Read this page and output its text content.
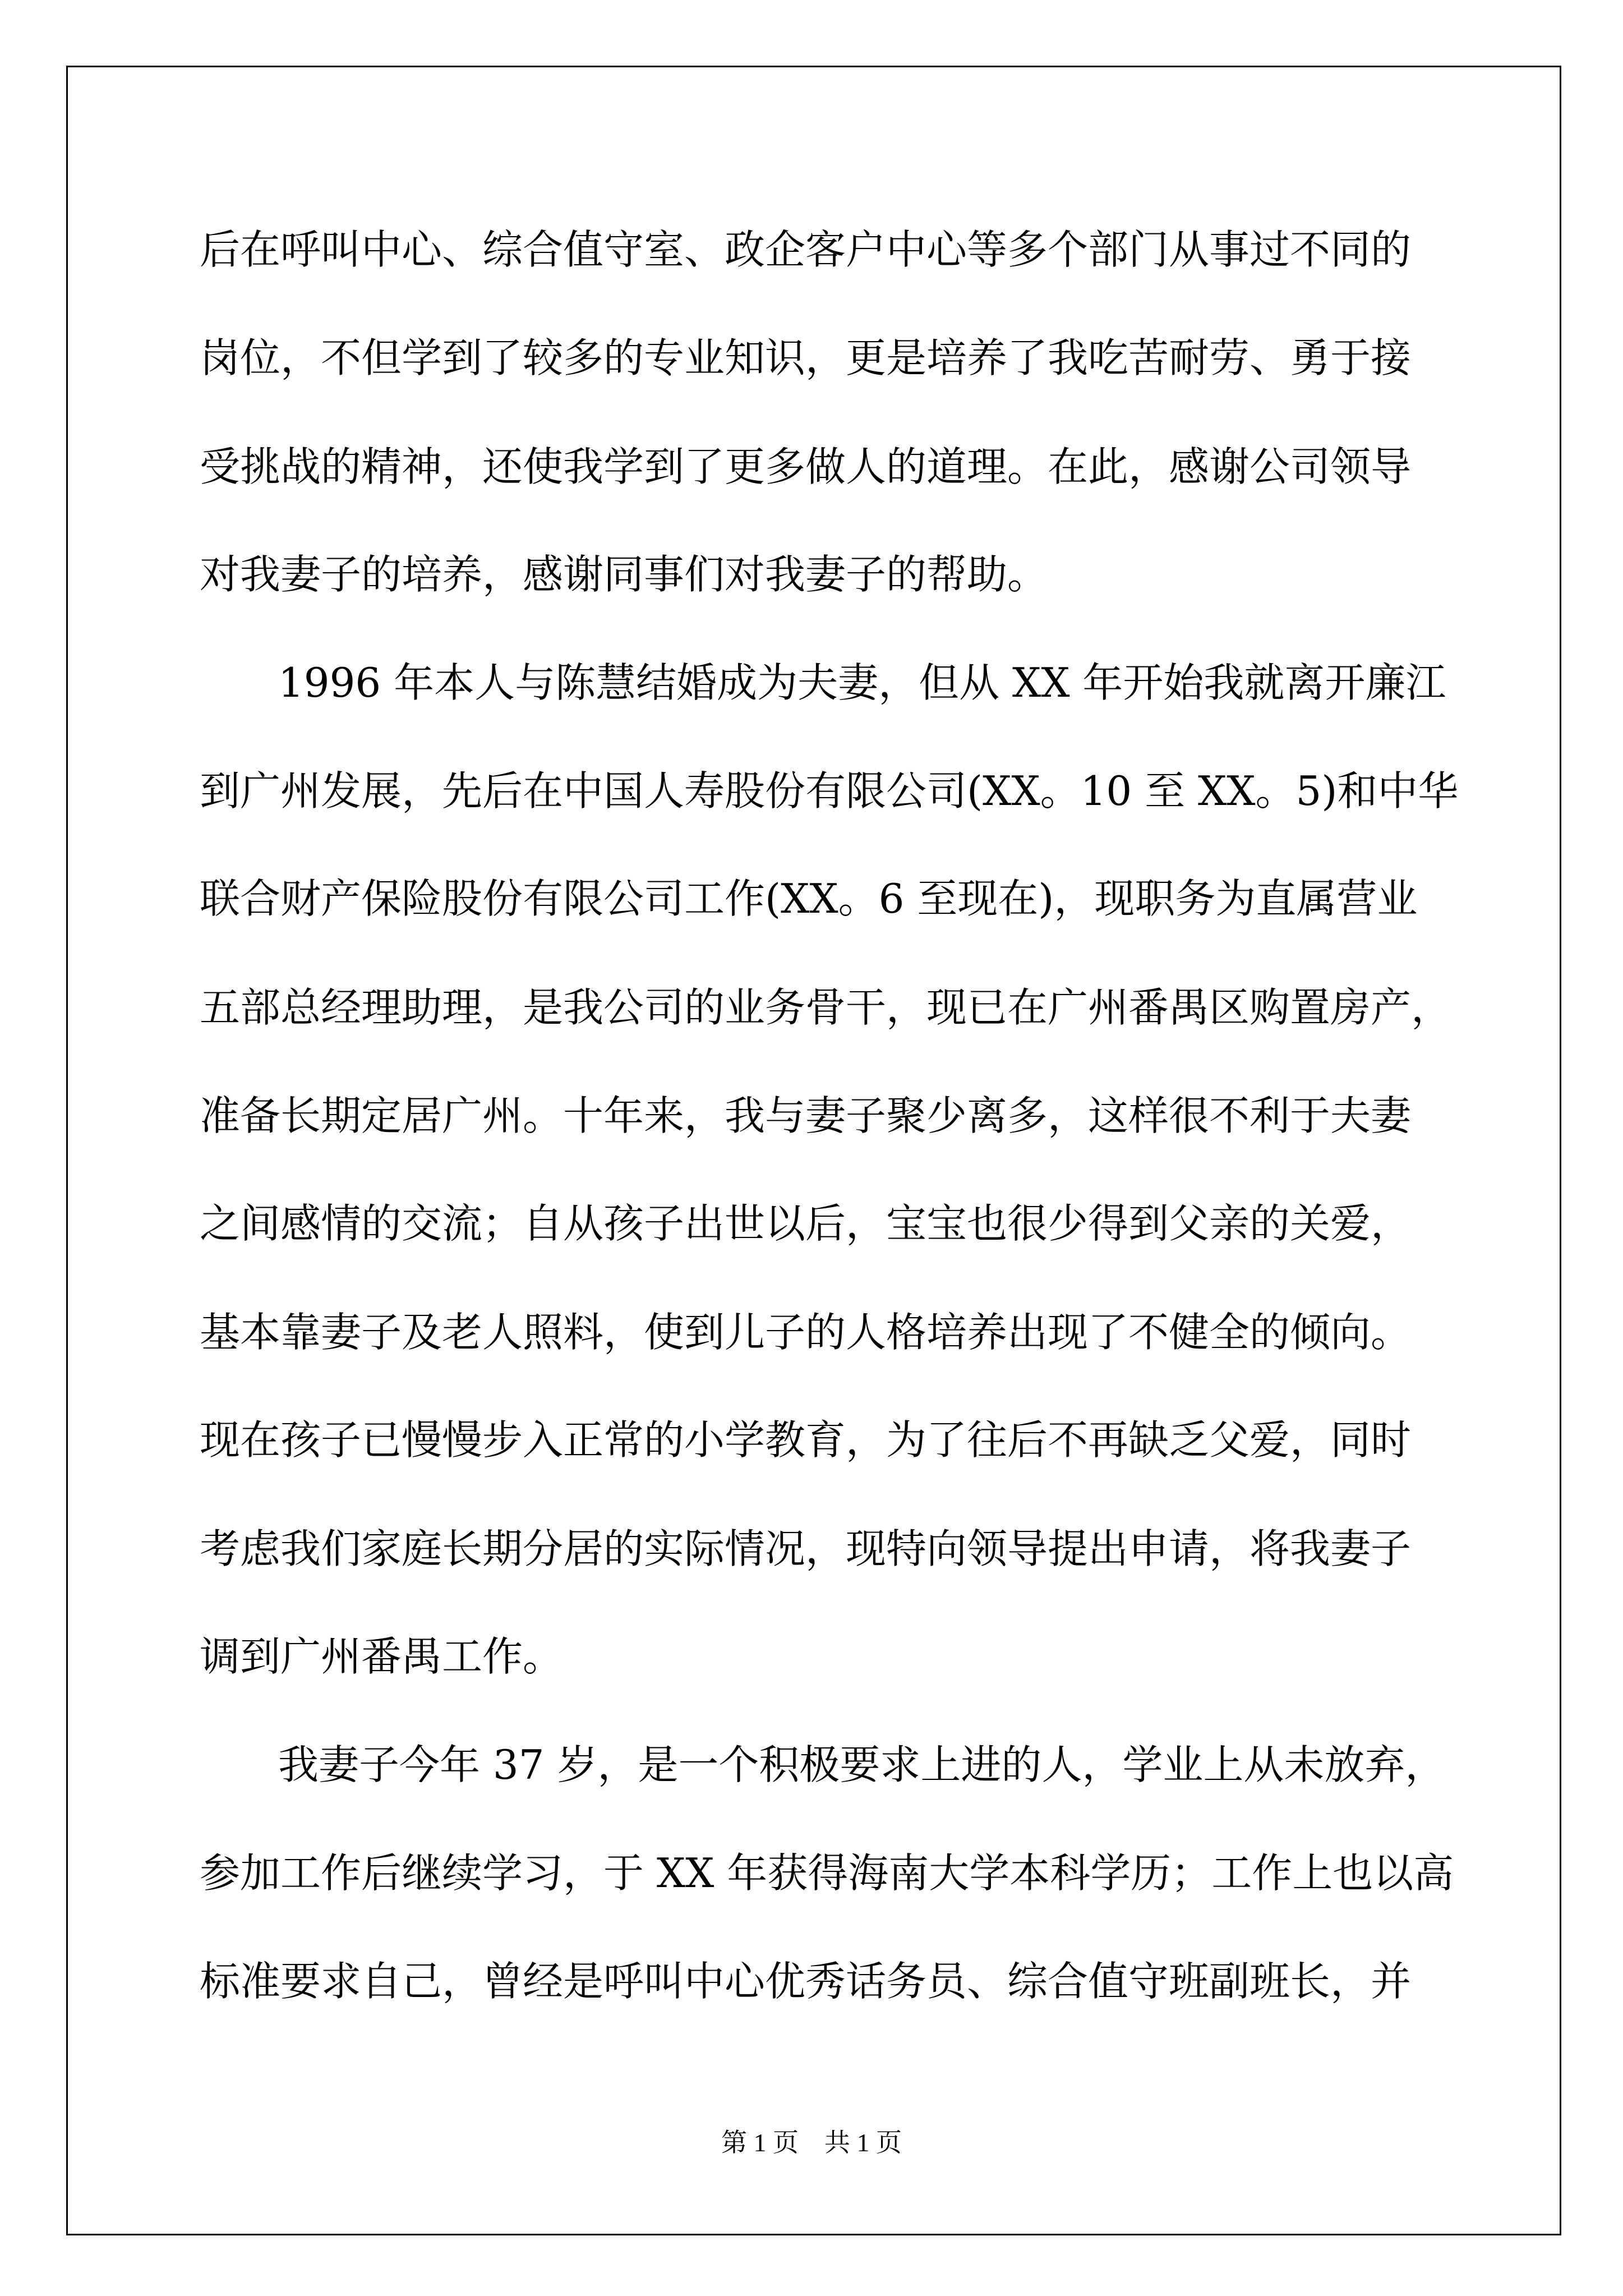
后在呼叫中心、综合值守室、政企客户中心等多个部门从事过不同的
岗位，不但学到了较多的专业知识，更是培养了我吃苦耐劳、勇于接
受挑战的精神，还使我学到了更多做人的道理。在此，感谢公司领导
对我妻子的培养，感谢同事们对我妻子的帮助。
1996 年本人与陈慧结婚成为夫妻，但从 XX 年开始我就离开廉江
到广州发展，先后在中国人寿股份有限公司(XX。10 至 XX。5)和中华
联合财产保险股份有限公司工作(XX。6 至现在)，现职务为直属营业
五部总经理助理，是我公司的业务骨干，现已在广州番禺区购置房产，
准备长期定居广州。十年来，我与妻子聚少离多，这样很不利于夫妻
之间感情的交流；自从孩子出世以后，宝宝也很少得到父亲的关爱，
基本靠妻子及老人照料，使到儿子的人格培养出现了不健全的倾向。
现在孩子已慢慢步入正常的小学教育，为了往后不再缺乏父爱，同时
考虑我们家庭长期分居的实际情况，现特向领导提出申请，将我妻子
调到广州番禺工作。
我妻子今年 37 岁，是一个积极要求上进的人，学业上从未放弃，
参加工作后继续学习，于 XX 年获得海南大学本科学历；工作上也以高
标准要求自己，曾经是呼叫中心优秀话务员、综合值守班副班长，并
第 1 页　共 1 页
